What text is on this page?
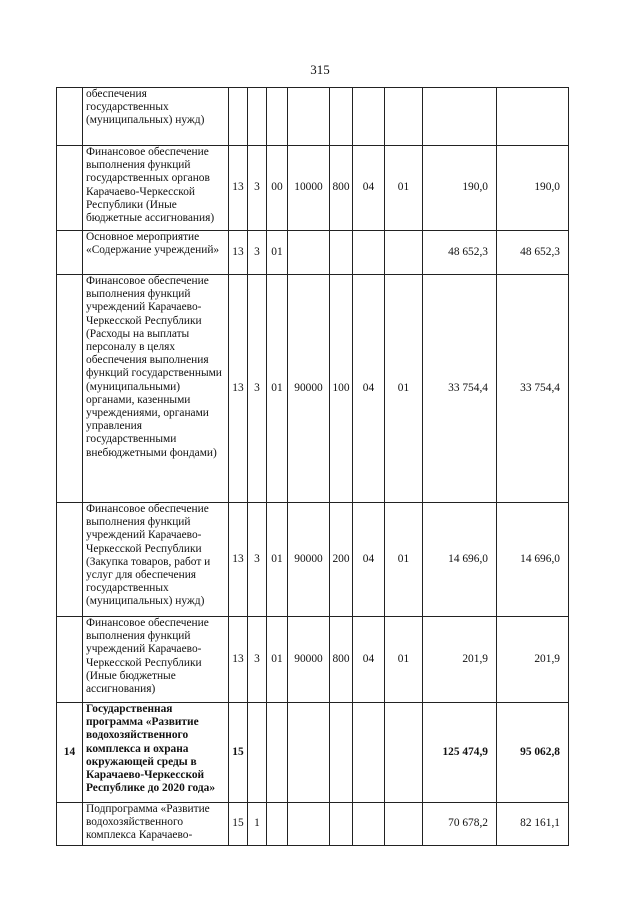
315
	обеспечения государственных (муниципальных) нужд)									
	Финансовое обеспечение выполнения функций государственных органов Карачаево-Черкесской Республики (Иные бюджетные ассигнования)	13	3	00	10000	800	04	01	190,0	190,0
	Основное мероприятие «Содержание учреждений»	13	3	01					48 652,3	48 652,3
	Финансовое обеспечение выполнения функций учреждений Карачаево-Черкесской Республики (Расходы на выплаты персоналу в целях обеспечения выполнения функций государственными (муниципальными) органами, казенными учреждениями, органами управления государственными внебюджетными фондами)	13	3	01	90000	100	04	01	33 754,4	33 754,4
	Финансовое обеспечение выполнения функций учреждений Карачаево-Черкесской Республики (Закупка товаров, работ и услуг для обеспечения государственных (муниципальных) нужд)	13	3	01	90000	200	04	01	14 696,0	14 696,0
	Финансовое обеспечение выполнения функций учреждений Карачаево-Черкесской Республики (Иные бюджетные ассигнования)	13	3	01	90000	800	04	01	201,9	201,9
14	Государственная программа «Развитие водохозяйственного комплекса и охрана окружающей среды в Карачаево-Черкесской Республике до 2020 года»	15							125 474,9	95 062,8
	Подпрограмма «Развитие водохозяйственного комплекса Карачаево-	15	1						70 678,2	82 161,1
